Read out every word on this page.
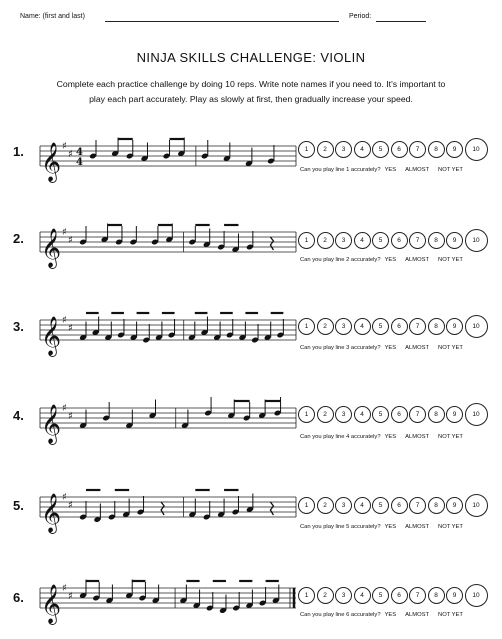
Name: (first and last)	Period:
NINJA SKILLS CHALLENGE: VIOLIN
Complete each practice challenge by doing 10 reps. Write note names if you need to. It's important to
play each part accurately. Play as slowly at first, then gradually increase your speed.
1. 𝄞 ♯
♯ 4
4
1	2	3	4	5	6	7	8	9	10
Can you play line 1 accurately? YES ALMOST NOT YET
2. 𝄞 ♯
♯	1	2	3	4	5	6	7	8	9	10
Can you play line 2 accurately? YES ALMOST NOT YET
3. 𝄞 ♯
♯	1	2	3	4	5	6	7	8	9	10
Can you play line 3 accurately? YES ALMOST NOT YET
4. 𝄞 ♯
♯	1	2	3	4	5	6	7	8	9	10
Can you play line 4 accurately? YES ALMOST NOT YET
5. 𝄞 ♯
♯	1	2	3	4	5	6	7	8	9	10
Can you play line 5 accurately? YES ALMOST NOT YET
6. 𝄞 ♯
♯	1	2	3	4	5	6	7	8	9	10
Can you play line 6 accurately? YES ALMOST NOT YET
